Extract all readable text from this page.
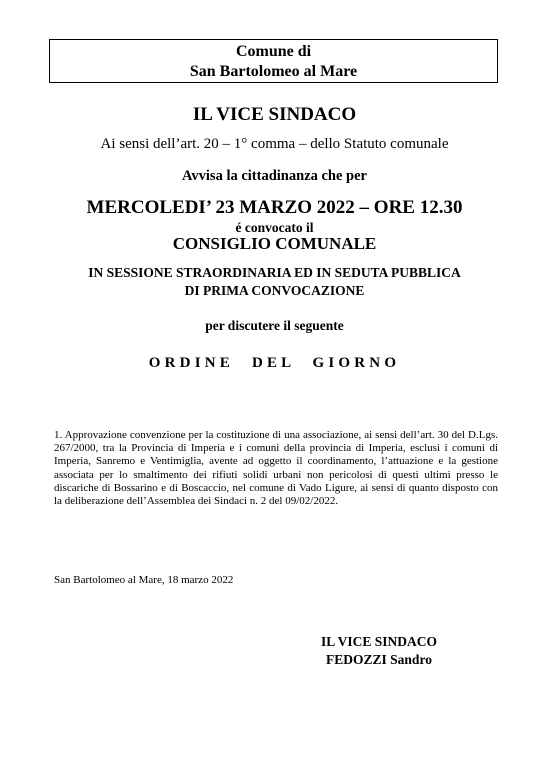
Comune di
San Bartolomeo al Mare
IL VICE SINDACO
Ai sensi dell’art. 20 – 1° comma – dello Statuto comunale
Avvisa la cittadinanza che per
MERCOLEDI’ 23 MARZO 2022 – ORE 12.30
é convocato il
CONSIGLIO COMUNALE
IN SESSIONE STRAORDINARIA ED IN SEDUTA PUBBLICA
DI PRIMA CONVOCAZIONE
per discutere il seguente
ORDINE DEL GIORNO
1. Approvazione convenzione per la costituzione di una associazione, ai sensi dell’art. 30 del D.Lgs. 267/2000, tra la Provincia di Imperia e i comuni della provincia di Imperia, esclusi i comuni di Imperia, Sanremo e Ventimiglia, avente ad oggetto il coordinamento, l’attuazione e la gestione associata per lo smaltimento dei rifiuti solidi urbani non pericolosi di questi ultimi presso le discariche di Bossarino e di Boscaccio, nel comune di Vado Ligure, ai sensi di quanto disposto con la deliberazione dell’Assemblea dei Sindaci n. 2 del 09/02/2022.
San Bartolomeo al Mare, 18 marzo 2022
IL VICE SINDACO
FEDOZZI Sandro
